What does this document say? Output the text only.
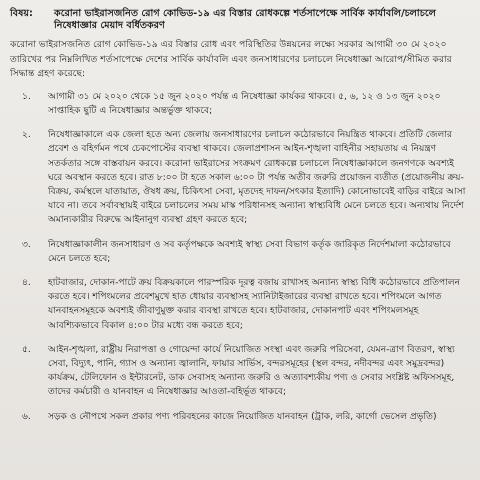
বিষয়:	করোনা ভাইরাসজনিত রোগ কোভিড-১৯ এর বিস্তার রোধকল্পে শর্তসাপেক্ষে সার্বিক কার্যাবলি/চলাচলে নিষেধাজ্ঞার মেয়াদ বর্ধিতকরণ
করোনা ভাইরাসজনিত রোগ কোভিড-১৯ এর বিস্তার রোধ এবং পরিস্থিতির উন্নয়নের লক্ষ্যে সরকার আগামী ৩০ মে ২০২০ তারিখের পর নিম্নলিখিত শর্তসাপেক্ষে দেশের সার্বিক কার্যাবলি এবং জনসাধারণের চলাচলে নিষেধাজ্ঞা আরোপ/সীমিত করার সিদ্ধান্ত গ্রহণ করেছে:
১.	আগামী ৩১ মে ২০২০ থেকে ১৫ জুন ২০২০ পর্যন্ত এ নিষেধাজ্ঞা কার্যকর থাকবে। ৫, ৬, ১২ ও ১৩ জুন ২০২০ সাপ্তাহিক ছুটি এ নিষেধাজ্ঞার অন্তর্ভুক্ত থাকবে;
২.	নিষেধাজ্ঞাকালে এক জেলা হতে অন্য জেলায় জনসাধারণের চলাচল কঠোরভাবে নিয়ন্ত্রিত থাকবে। প্রতিটি জেলার প্রবেশ ও বহির্গমন পথে চেকপোস্টের ব্যবস্থা থাকবে। জেলাপ্রশাসন আইন-শৃঙ্খলা বাহিনীর সহায়তায় এ নিয়ন্ত্রণ সতর্কতার সঙ্গে বাস্তবায়ন করবে। করোনা ভাইরাসের সংক্রমণ রোধকল্পে চলাচলে নিষেধাজ্ঞাকালে জনগণকে অবশ্যই ঘরে অবস্থান করতে হবে। রাত ৮:০০ টা হতে সকাল ৬:০০ টা পর্যন্ত অতীব জরুরি প্রয়োজন ব্যতীত (প্রয়োজনীয় ক্রয়-বিক্রয়, কর্মস্থলে যাতায়াত, ঔষধ ক্রয়, চিকিৎসা সেবা, মৃতদেহ দাফন/সৎকার ইত্যাদি) কোনোভাবেই বাড়ির বাইরে আসা যাবে না। তবে সর্বাবস্থায়ই বাইরে চলাচলের সময় মাস্ক পরিধানসহ অন্যান্য স্বাস্থ্যবিধি মেনে চলতে হবে। অন্যথায় নির্দেশ অমান্যকারীর বিরুদ্ধে আইনানুগ ব্যবস্থা গ্রহণ করতে হবে;
৩.	নিষেধাজ্ঞাকালীন জনসাধারণ ও সব কর্তৃপক্ষকে অবশ্যই স্বাস্থ্য সেবা বিভাগ কর্তৃক জারিকৃত নির্দেশমালা কঠোরভাবে মেনে চলতে হবে;
৪.	হাটবাজার, দোকান-পাটে ক্রয় বিক্রয়কালে পারস্পরিক দূরত্ব বজায় রাখাসহ অন্যান্য স্বাস্থ্য বিধি কঠোরভাবে প্রতিপালন করতে হবে। শপিংমলের প্রবেশমুখে হাত ধোয়ার ব্যবস্থাসহ স্যানিটাইজারের ব্যবস্থা রাখতে হবে। শপিংমলে আগত যানবাহনসমূহকে অবশ্যই জীবাণুমুক্ত করার ব্যবস্থা রাখতে হবে। হাটবাজার, দোকানপাট এবং শপিংমলসমূহ আবশ্যিকভাবে বিকাল ৪:০০ টার মধ্যে বন্ধ করতে হবে;
৫.	আইন-শৃঙ্খলা, রাষ্ট্রীয় নিরাপত্তা ও গোয়েন্দা কার্যে নিয়োজিত সংস্থা এবং জরুরি পরিসেবা, যেমন-ত্রাণ বিতরণ, স্বাস্থ্য সেবা, বিদ্যুৎ, পানি, গ্যাস ও অন্যান্য জ্বালানি, ফায়ার সার্ভিস, বন্দরসমূহের (স্থল বন্দর, নদীবন্দর এবং সমুদ্রবন্দর) কার্যক্রম, টেলিফোন ও ইন্টারনেট, ডাক সেবাসহ অন্যান্য জরুরি ও অত্যাবশ্যকীয় পণ্য ও সেবার সংশ্লিষ্ট অফিসসমূহ, তাদের কর্মচারী ও যানবাহন এ নিষেধাজ্ঞার আওতা-বহির্ভূত থাকবে;
৬.	সড়ক ও নৌপথে সকল প্রকার পণ্য পরিবহনের কাজে নিয়োজিত যানবাহন (ট্রাক, লরি, কার্গো ভেসেল প্রভৃতি)
